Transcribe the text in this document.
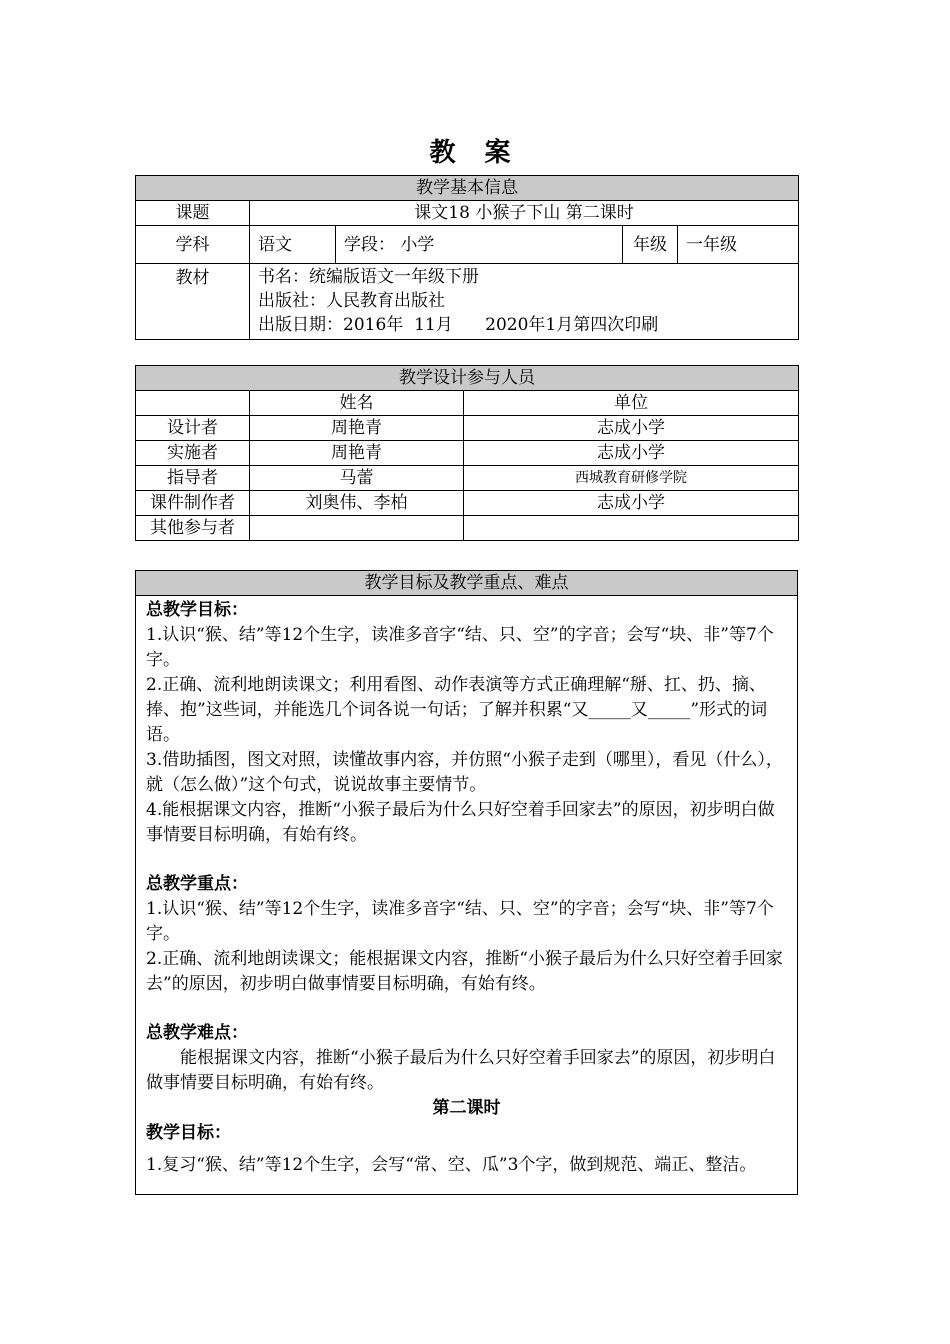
教 案
教学基本信息				
课题	课文18 小猴子下山 第二课时			
学科	语文	学段： 小学	年级	一年级
教材	书名：统编版语文一年级下册
出版社：人民教育出版社
出版日期：2016年  11月      2020年1月第四次印刷			
教学设计参与人员		
	姓名	单位
设计者	周艳青	志成小学
实施者	周艳青	志成小学
指导者	马蕾	西城教育研修学院
课件制作者	刘奥伟、李柏	志成小学
其他参与者		
教学目标及教学重点、难点

总教学目标：

1.认识“猴、结”等12个生字，读准多音字“结、只、空”的字音；会写“块、非”等7个字。

2.正确、流利地朗读课文；利用看图、动作表演等方式正确理解“掰、扛、扔、摘、捧、抱”这些词，并能选几个词各说一句话；了解并积累“又_____又_____”形式的词语。

3.借助插图，图文对照，读懂故事内容，并仿照“小猴子走到（哪里），看见（什么），就（怎么做）”这个句式，说说故事主要情节。

4.能根据课文内容，推断“小猴子最后为什么只好空着手回家去”的原因，初步明白做事情要目标明确，有始有终。

总教学重点：

1.认识“猴、结”等12个生字，读准多音字“结、只、空”的字音；会写“块、非”等7个字。

2.正确、流利地朗读课文；能根据课文内容，推断“小猴子最后为什么只好空着手回家去”的原因，初步明白做事情要目标明确，有始有终。

总教学难点：

能根据课文内容，推断“小猴子最后为什么只好空着手回家去”的原因，初步明白做事情要目标明确，有始有终。

第二课时

教学目标：

1.复习“猴、结”等12个生字，会写“常、空、瓜”3个字，做到规范、端正、整洁。
